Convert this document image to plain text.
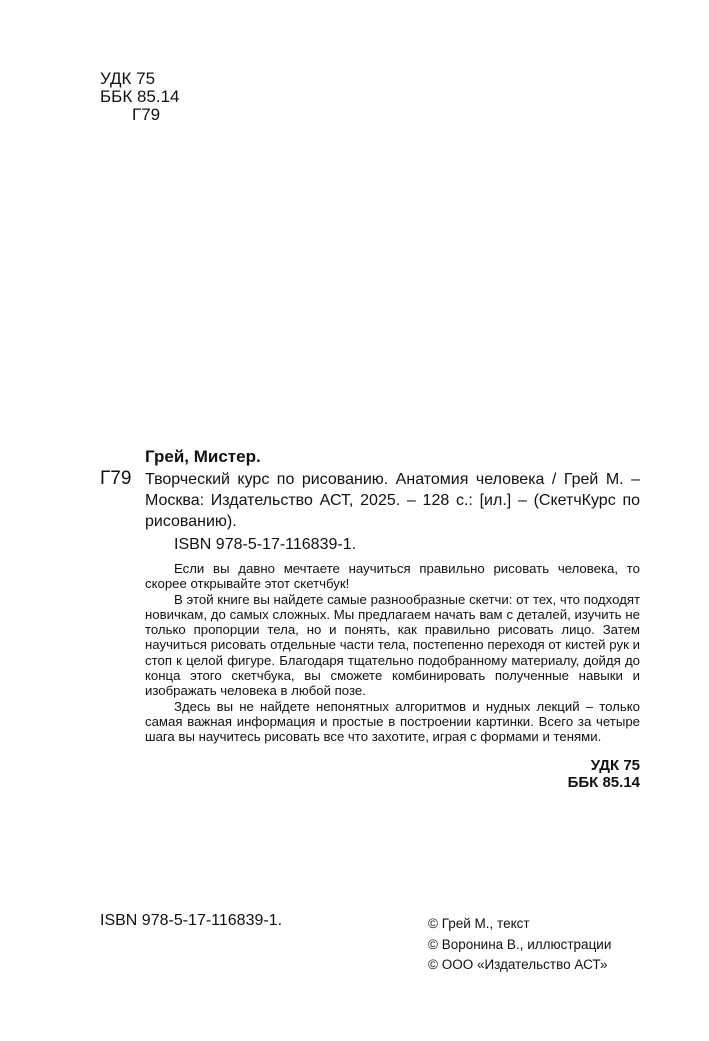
УДК 75
ББК 85.14
Г79
Грей, Мистер.
Г79 Творческий курс по рисованию. Анатомия человека / Грей М. – Москва: Издательство АСТ, 2025. – 128 с.: [ил.] – (СкетчКурс по рисованию).
ISBN 978-5-17-116839-1.

Если вы давно мечтаете научиться правильно рисовать человека, то скорее открывайте этот скетчбук!

В этой книге вы найдете самые разнообразные скетчи: от тех, что подходят новичкам, до самых сложных. Мы предлагаем начать вам с деталей, изучить не только пропорции тела, но и понять, как правильно рисовать лицо. Затем научиться рисовать отдельные части тела, постепенно переходя от кистей рук и стоп к целой фигуре. Благодаря тщательно подобранному материалу, дойдя до конца этого скетчбука, вы сможете комбинировать полученные навыки и изображать человека в любой позе.

Здесь вы не найдете непонятных алгоритмов и нудных лекций – только самая важная информация и простые в построении картинки. Всего за четыре шага вы научитесь рисовать все что захотите, играя с формами и тенями.

УДК 75
ББК 85.14
ISBN 978-5-17-116839-1.	© Грей М., текст
© Воронина В., иллюстрации
© ООО «Издательство АСТ»
